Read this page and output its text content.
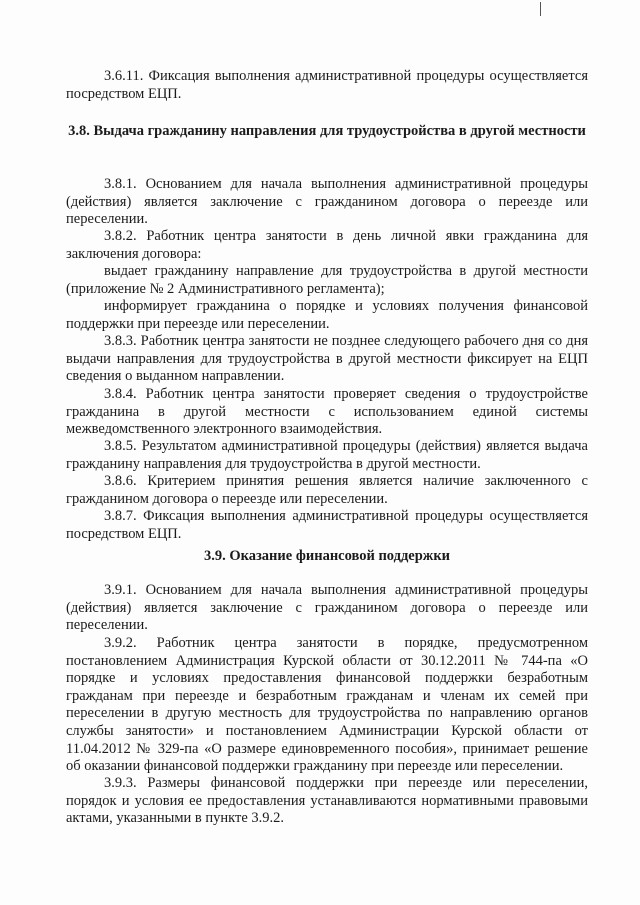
3.6.11. Фиксация выполнения административной процедуры осуществляется посредством ЕЦП.

3.8. Выдача гражданину направления для трудоустройства в другой местности

3.8.1. Основанием для начала выполнения административной процедуры (действия) является заключение с гражданином договора о переезде или переселении.

3.8.2. Работник центра занятости в день личной явки гражданина для заключения договора:

выдает гражданину направление для трудоустройства в другой местности (приложение № 2 Административного регламента);

информирует гражданина о порядке и условиях получения финансовой поддержки при переезде или переселении.

3.8.3. Работник центра занятости не позднее следующего рабочего дня со дня выдачи направления для трудоустройства в другой местности фиксирует на ЕЦП сведения о выданном направлении.

3.8.4. Работник центра занятости проверяет сведения о трудоустройстве гражданина в другой местности с использованием единой системы межведомственного электронного взаимодействия.

3.8.5. Результатом административной процедуры (действия) является выдача гражданину направления для трудоустройства в другой местности.

3.8.6. Критерием принятия решения является наличие заключенного с гражданином договора о переезде или переселении.

3.8.7. Фиксация выполнения административной процедуры осуществляется посредством ЕЦП.

3.9. Оказание финансовой поддержки

3.9.1. Основанием для начала выполнения административной процедуры (действия) является заключение с гражданином договора о переезде или переселении.

3.9.2. Работник центра занятости в порядке, предусмотренном постановлением Администрация Курской области от 30.12.2011 № 744-па «О порядке и условиях предоставления финансовой поддержки безработным гражданам при переезде и безработным гражданам и членам их семей при переселении в другую местность для трудоустройства по направлению органов службы занятости» и постановлением Администрации Курской области от 11.04.2012 № 329-па «О размере единовременного пособия», принимает решение об оказании финансовой поддержки гражданину при переезде или переселении.

3.9.3. Размеры финансовой поддержки при переезде или переселении, порядок и условия ее предоставления устанавливаются нормативными правовыми актами, указанными в пункте 3.9.2.
